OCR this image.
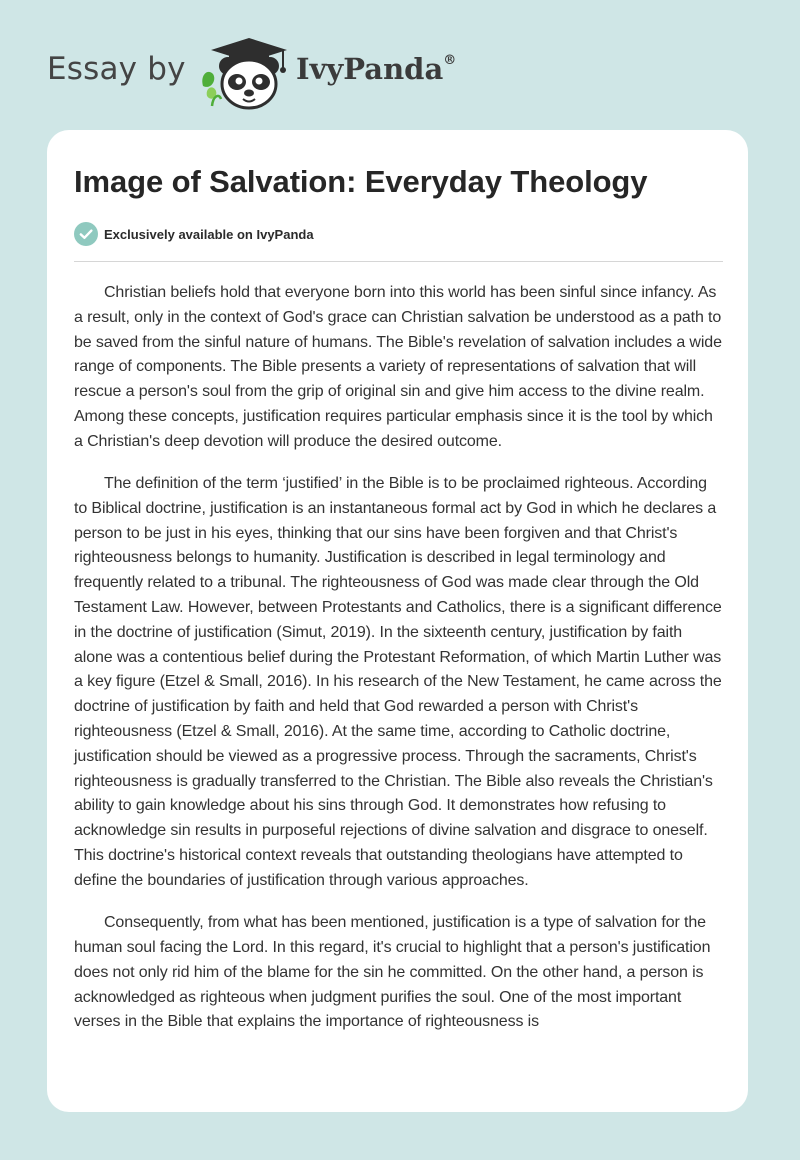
Essay by	IvyPanda®
Image of Salvation: Everyday Theology
Exclusively available on IvyPanda

Christian beliefs hold that everyone born into this world has been sinful since infancy. As a result, only in the context of God's grace can Christian salvation be understood as a path to be saved from the sinful nature of humans. The Bible's revelation of salvation includes a wide range of components. The Bible presents a variety of representations of salvation that will rescue a person's soul from the grip of original sin and give him access to the divine realm. Among these concepts, justification requires particular emphasis since it is the tool by which a Christian's deep devotion will produce the desired outcome.

The definition of the term ‘justified’ in the Bible is to be proclaimed righteous. According to Biblical doctrine, justification is an instantaneous formal act by God in which he declares a person to be just in his eyes, thinking that our sins have been forgiven and that Christ's righteousness belongs to humanity. Justification is described in legal terminology and frequently related to a tribunal. The righteousness of God was made clear through the Old Testament Law. However, between Protestants and Catholics, there is a significant difference in the doctrine of justification (Simut, 2019). In the sixteenth century, justification by faith alone was a contentious belief during the Protestant Reformation, of which Martin Luther was a key figure (Etzel & Small, 2016). In his research of the New Testament, he came across the doctrine of justification by faith and held that God rewarded a person with Christ's righteousness (Etzel & Small, 2016). At the same time, according to Catholic doctrine, justification should be viewed as a progressive process. Through the sacraments, Christ's righteousness is gradually transferred to the Christian. The Bible also reveals the Christian's ability to gain knowledge about his sins through God. It demonstrates how refusing to acknowledge sin results in purposeful rejections of divine salvation and disgrace to oneself. This doctrine's historical context reveals that outstanding theologians have attempted to define the boundaries of justification through various approaches.

Consequently, from what has been mentioned, justification is a type of salvation for the human soul facing the Lord. In this regard, it's crucial to highlight that a person's justification does not only rid him of the blame for the sin he committed. On the other hand, a person is acknowledged as righteous when judgment purifies the soul. One of the most important verses in the Bible that explains the importance of righteousness is
